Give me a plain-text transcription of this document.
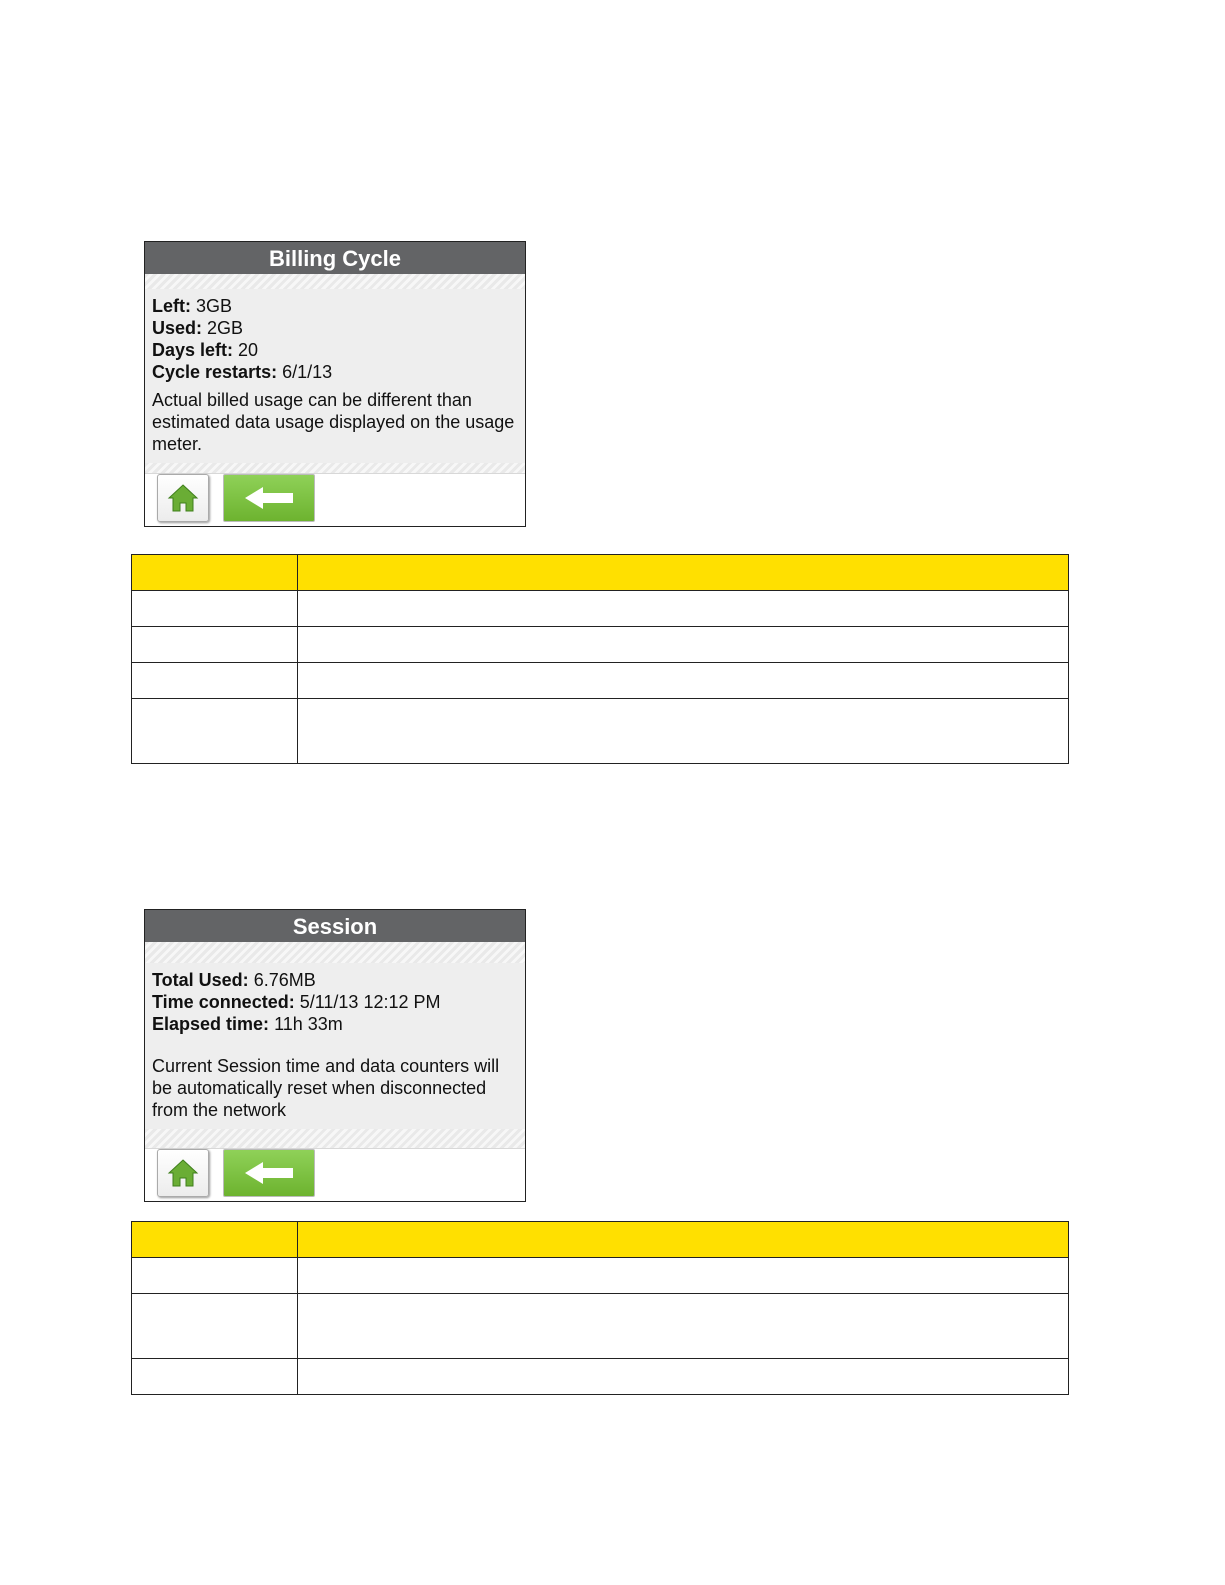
Billing Cycle
Left: 3GB
Used: 2GB
Days left: 20
Cycle restarts: 6/1/13
Actual billed usage can be different than estimated data usage displayed on the usage meter.

Session
Total Used: 6.76MB
Time connected: 5/11/13 12:12 PM
Elapsed time: 11h 33m
Current Session time and data counters will be automatically reset when disconnected from the network
